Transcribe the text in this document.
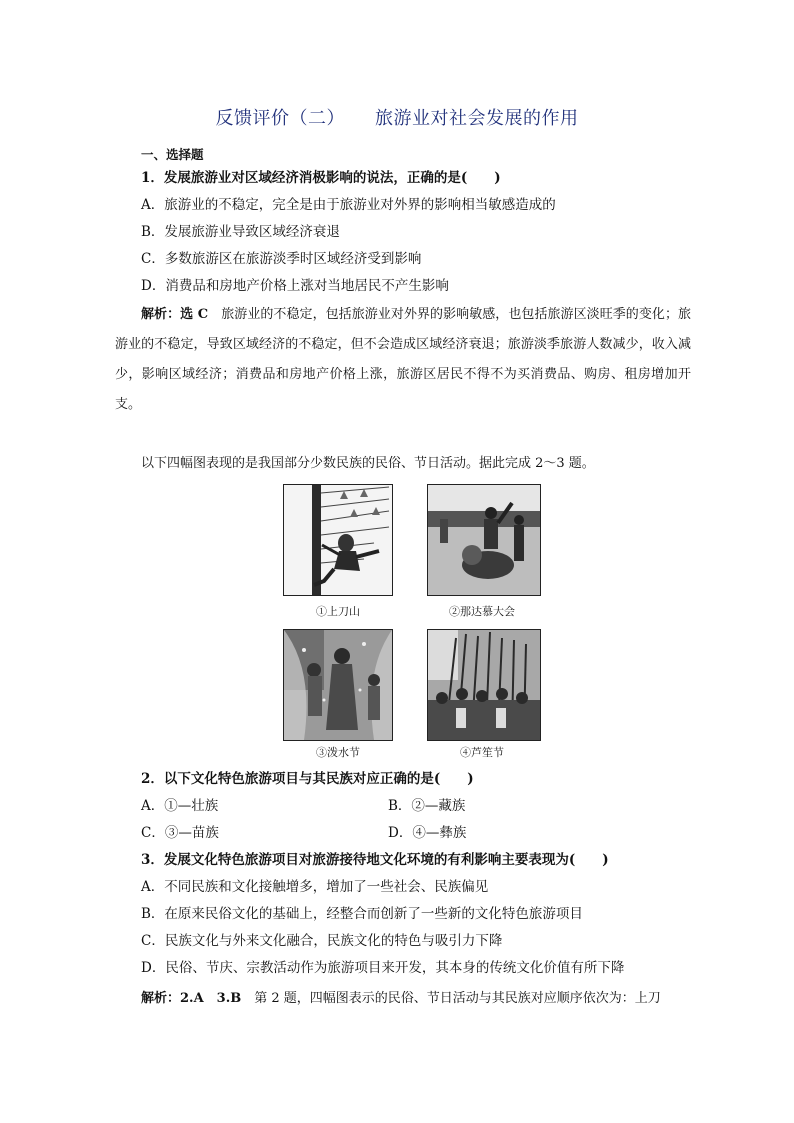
反馈评价（二） 旅游业对社会发展的作用
一、选择题
1．发展旅游业对区域经济消极影响的说法，正确的是(　　)
A．旅游业的不稳定，完全是由于旅游业对外界的影响相当敏感造成的
B．发展旅游业导致区域经济衰退
C．多数旅游区在旅游淡季时区域经济受到影响
D．消费品和房地产价格上涨对当地居民不产生影响
解析：选 C　旅游业的不稳定，包括旅游业对外界的影响敏感，也包括旅游区淡旺季的变化；旅游业的不稳定，导致区域经济的不稳定，但不会造成区域经济衰退；旅游淡季旅游人数减少，收入减少，影响区域经济；消费品和房地产价格上涨，旅游区居民不得不为买消费品、购房、租房增加开支。
以下四幅图表现的是我国部分少数民族的民俗、节日活动。据此完成 2～3 题。
①上刀山	②那达慕大会
③泼水节	④芦笙节
2．以下文化特色旅游项目与其民族对应正确的是(　　)
A．①—壮族	B．②—藏族
C．③—苗族	D．④—彝族
3．发展文化特色旅游项目对旅游接待地文化环境的有利影响主要表现为(　　)
A．不同民族和文化接触增多，增加了一些社会、民族偏见
B．在原来民俗文化的基础上，经整合而创新了一些新的文化特色旅游项目
C．民族文化与外来文化融合，民族文化的特色与吸引力下降
D．民俗、节庆、宗教活动作为旅游项目来开发，其本身的传统文化价值有所下降
解析：2.A　3.B　第 2 题，四幅图表示的民俗、节日活动与其民族对应顺序依次为：上刀
